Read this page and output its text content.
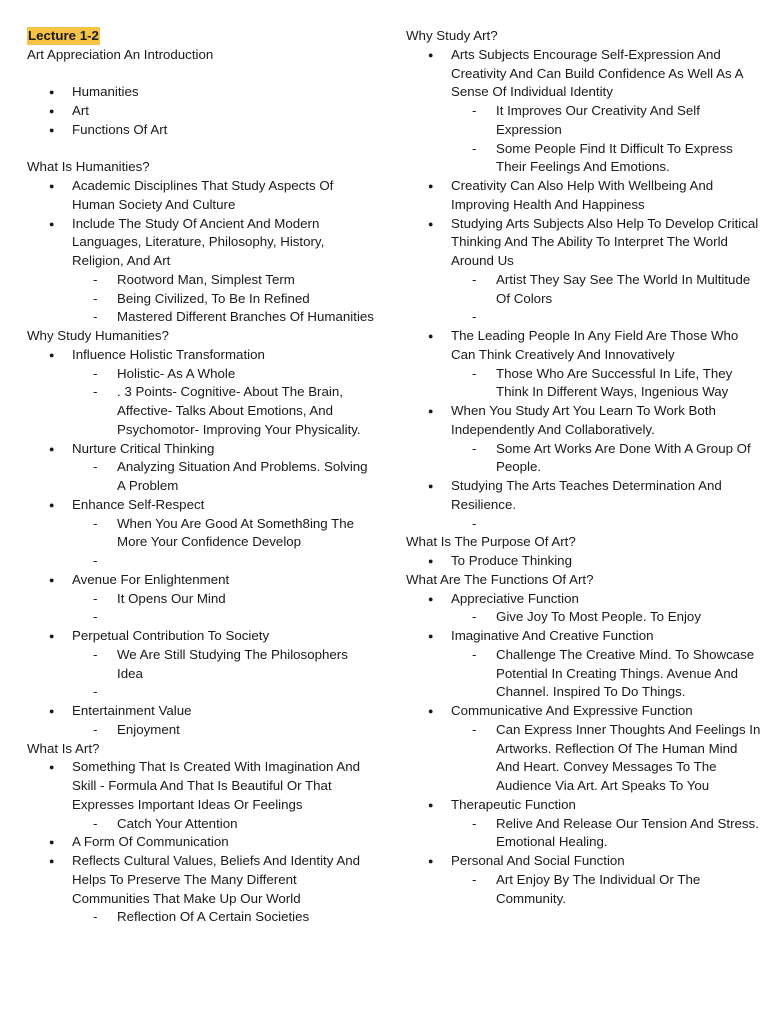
Lecture 1-2
Art Appreciation An Introduction
● Humanities
● Art
● Functions Of Art
What Is Humanities?
● Academic Disciplines That Study Aspects Of Human Society And Culture
● Include The Study Of Ancient And Modern Languages, Literature, Philosophy, History, Religion, And Art
- Rootword Man, Simplest Term
- Being Civilized, To Be In Refined
- Mastered Different Branches Of Humanities
Why Study Humanities?
● Influence Holistic Transformation
- Holistic- As A Whole
- . 3 Points- Cognitive- About The Brain, Affective- Talks About Emotions, And Psychomotor- Improving Your Physicality.
● Nurture Critical Thinking
- Analyzing Situation And Problems. Solving A Problem
● Enhance Self-Respect
- When You Are Good At Someth8ing The More Your Confidence Develop
-
● Avenue For Enlightenment
- It Opens Our Mind
-
● Perpetual Contribution To Society
- We Are Still Studying The Philosophers Idea
-
● Entertainment Value
- Enjoyment
What Is Art?
● Something That Is Created With Imagination And Skill - Formula And That Is Beautiful Or That Expresses Important Ideas Or Feelings
- Catch Your Attention
● A Form Of Communication
● Reflects Cultural Values, Beliefs And Identity And Helps To Preserve The Many Different Communities That Make Up Our World
- Reflection Of A Certain Societies
Why Study Art?
● Arts Subjects Encourage Self-Expression And Creativity And Can Build Confidence As Well As A Sense Of Individual Identity
- It Improves Our Creativity And Self Expression
- Some People Find It Difficult To Express Their Feelings And Emotions.
● Creativity Can Also Help With Wellbeing And Improving Health And Happiness
● Studying Arts Subjects Also Help To Develop Critical Thinking And The Ability To Interpret The World Around Us
- Artist They Say See The World In Multitude Of Colors
-
● The Leading People In Any Field Are Those Who Can Think Creatively And Innovatively
- Those Who Are Successful In Life, They Think In Different Ways, Ingenious Way
● When You Study Art You Learn To Work Both Independently And Collaboratively.
- Some Art Works Are Done With A Group Of People.
● Studying The Arts Teaches Determination And Resilience.
-
What Is The Purpose Of Art?
● To Produce Thinking
What Are The Functions Of Art?
● Appreciative Function
- Give Joy To Most People. To Enjoy
● Imaginative And Creative Function
- Challenge The Creative Mind. To Showcase Potential In Creating Things. Avenue And Channel. Inspired To Do Things.
● Communicative And Expressive Function
- Can Express Inner Thoughts And Feelings In Artworks. Reflection Of The Human Mind And Heart. Convey Messages To The Audience Via Art. Art Speaks To You
● Therapeutic Function
- Relive And Release Our Tension And Stress. Emotional Healing.
● Personal And Social Function
- Art Enjoy By The Individual Or The Community.
